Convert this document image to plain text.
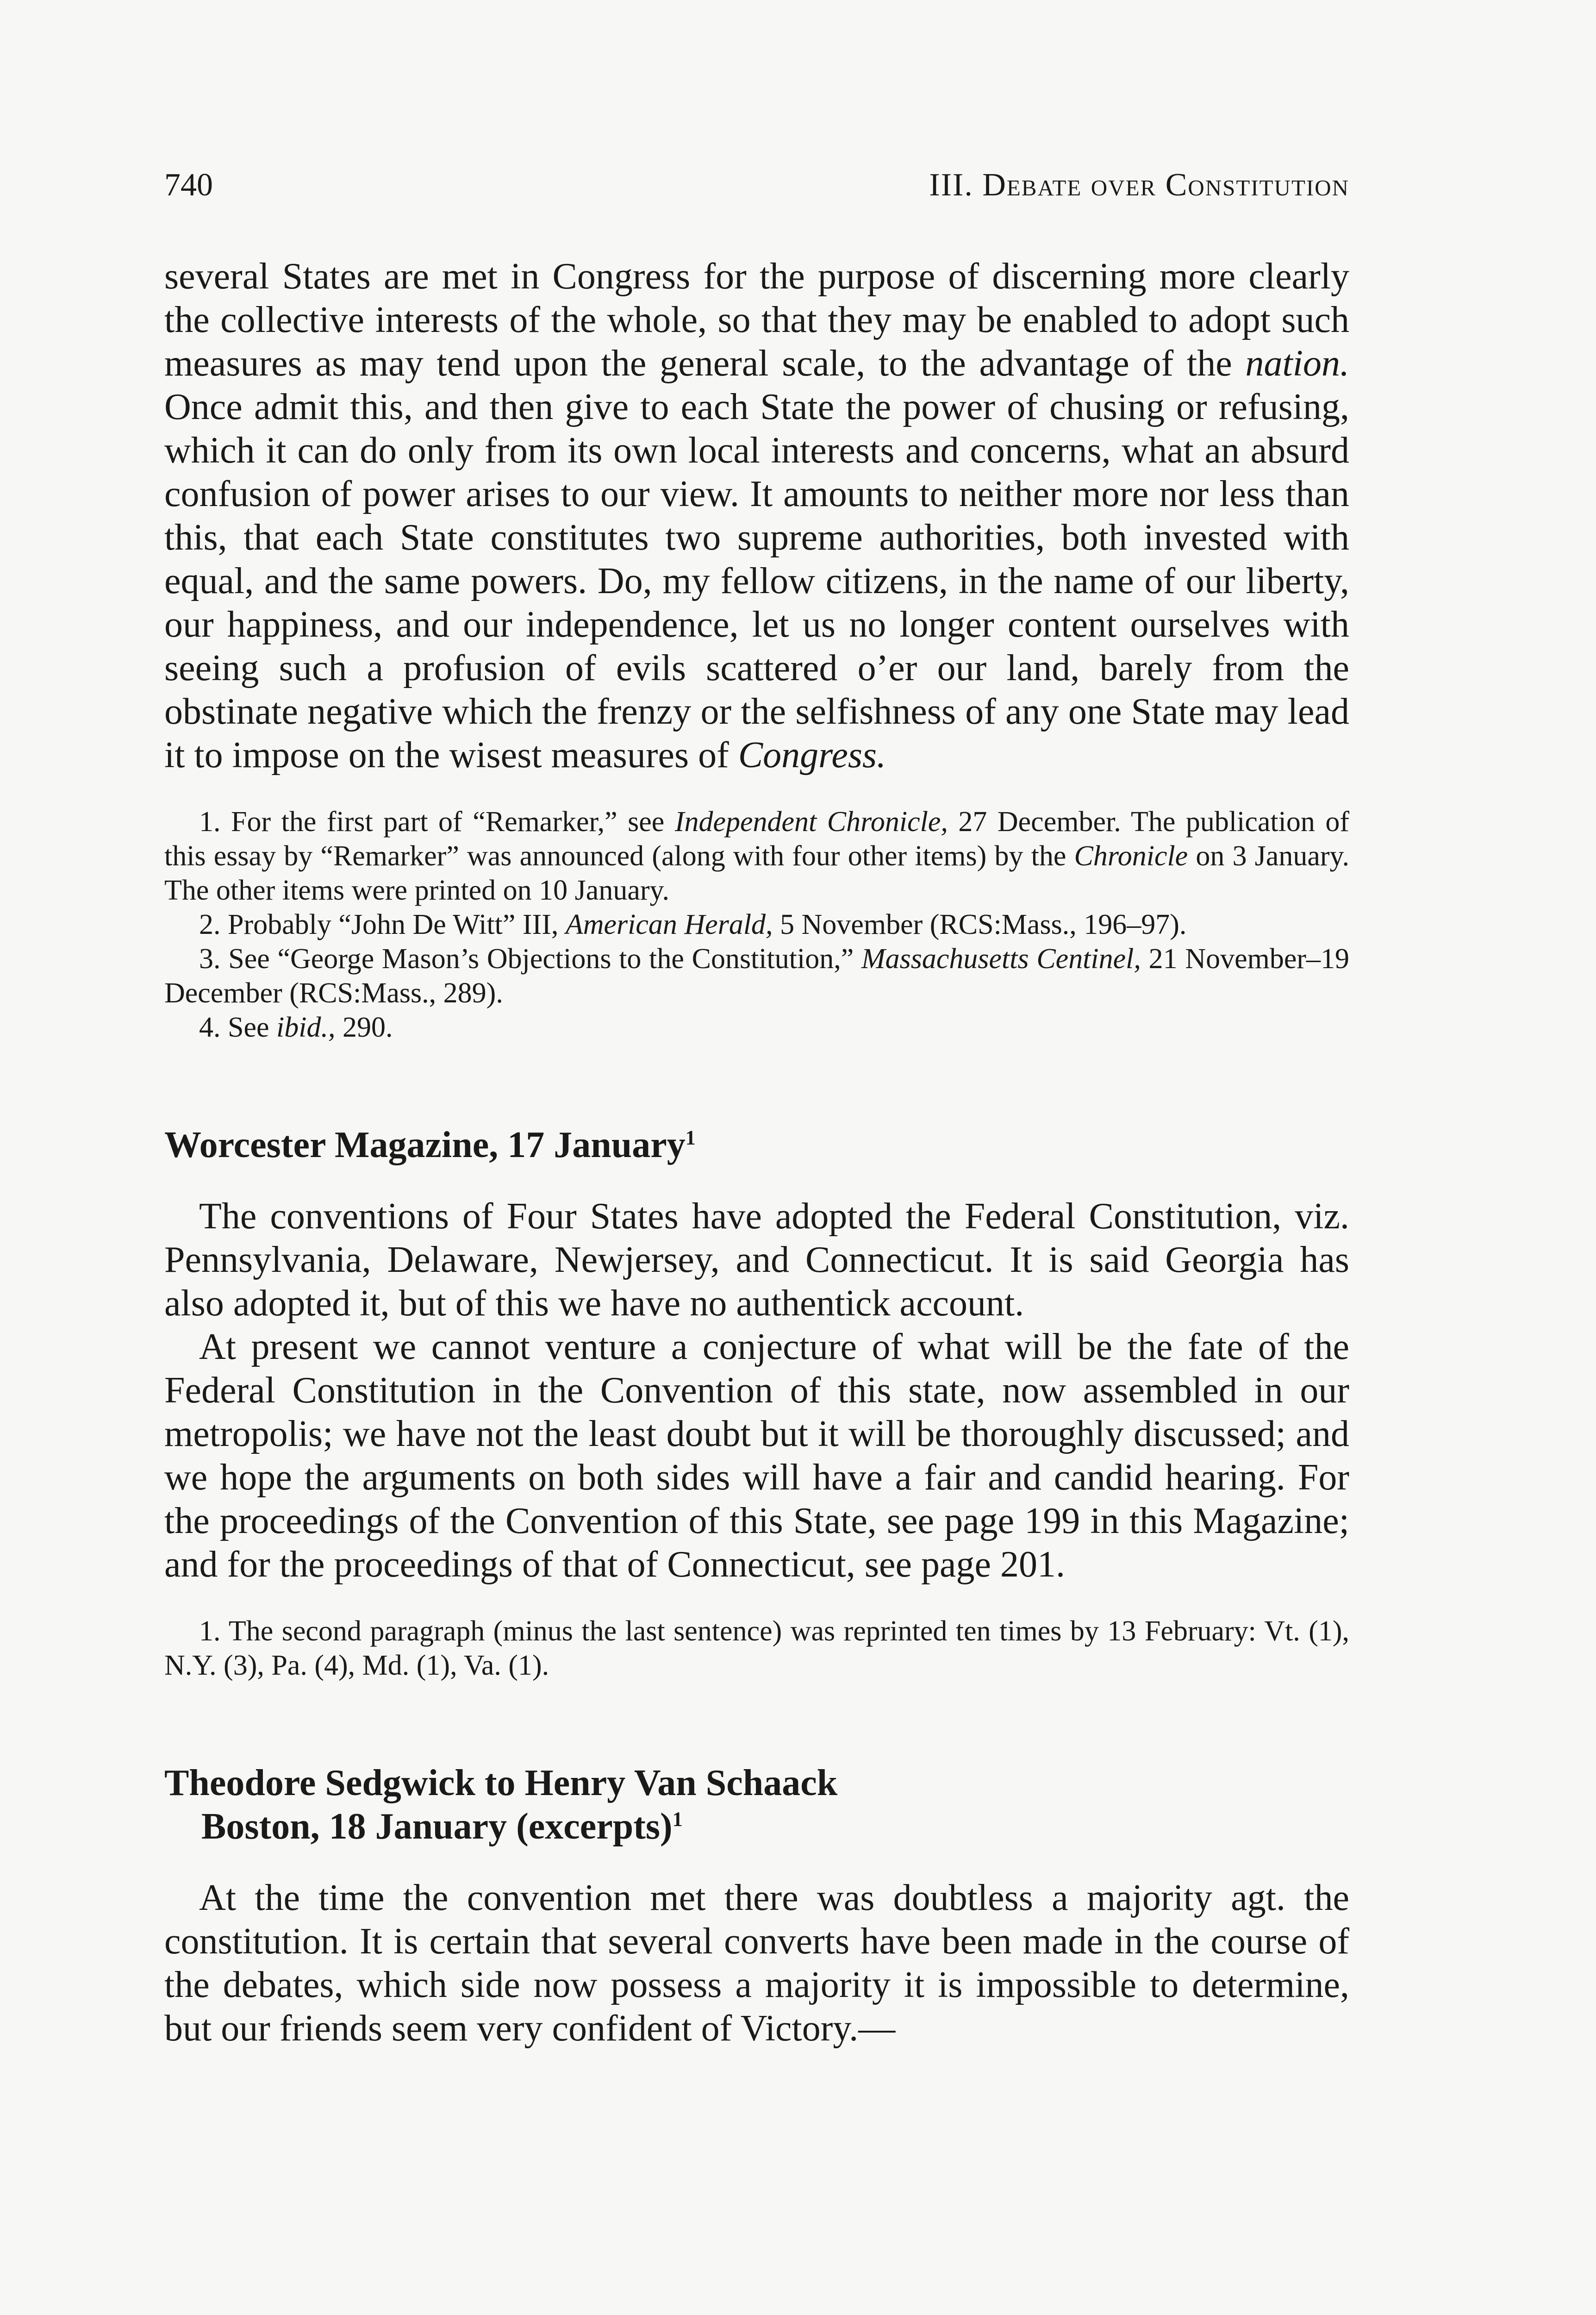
740	III. Debate over Constitution

several States are met in Congress for the purpose of discerning more clearly the collective interests of the whole, so that they may be enabled to adopt such measures as may tend upon the general scale, to the advantage of the nation. Once admit this, and then give to each State the power of chusing or refusing, which it can do only from its own local interests and concerns, what an absurd confusion of power arises to our view. It amounts to neither more nor less than this, that each State constitutes two supreme authorities, both invested with equal, and the same powers. Do, my fellow citizens, in the name of our liberty, our happiness, and our independence, let us no longer content ourselves with seeing such a profusion of evils scattered o’er our land, barely from the obstinate negative which the frenzy or the selfishness of any one State may lead it to impose on the wisest measures of Congress.

1. For the first part of “Remarker,” see Independent Chronicle, 27 December. The publication of this essay by “Remarker” was announced (along with four other items) by the Chronicle on 3 January. The other items were printed on 10 January.

2. Probably “John De Witt” III, American Herald, 5 November (RCS:Mass., 196–97).

3. See “George Mason’s Objections to the Constitution,” Massachusetts Centinel, 21 November–19 December (RCS:Mass., 289).

4. See ibid., 290.

Worcester Magazine, 17 January$^1$

The conventions of Four States have adopted the Federal Constitution, viz. Pennsylvania, Delaware, Newjersey, and Connecticut. It is said Georgia has also adopted it, but of this we have no authentick account.

At present we cannot venture a conjecture of what will be the fate of the Federal Constitution in the Convention of this state, now assembled in our metropolis; we have not the least doubt but it will be thoroughly discussed; and we hope the arguments on both sides will have a fair and candid hearing. For the proceedings of the Convention of this State, see page 199 in this Magazine; and for the proceedings of that of Connecticut, see page 201.

1. The second paragraph (minus the last sentence) was reprinted ten times by 13 February: Vt. (1), N.Y. (3), Pa. (4), Md. (1), Va. (1).

Theodore Sedgwick to Henry Van Schaack
Boston, 18 January (excerpts)$^1$

At the time the convention met there was doubtless a majority agt. the constitution. It is certain that several converts have been made in the course of the debates, which side now possess a majority it is impossible to determine, but our friends seem very confident of Victory.—
